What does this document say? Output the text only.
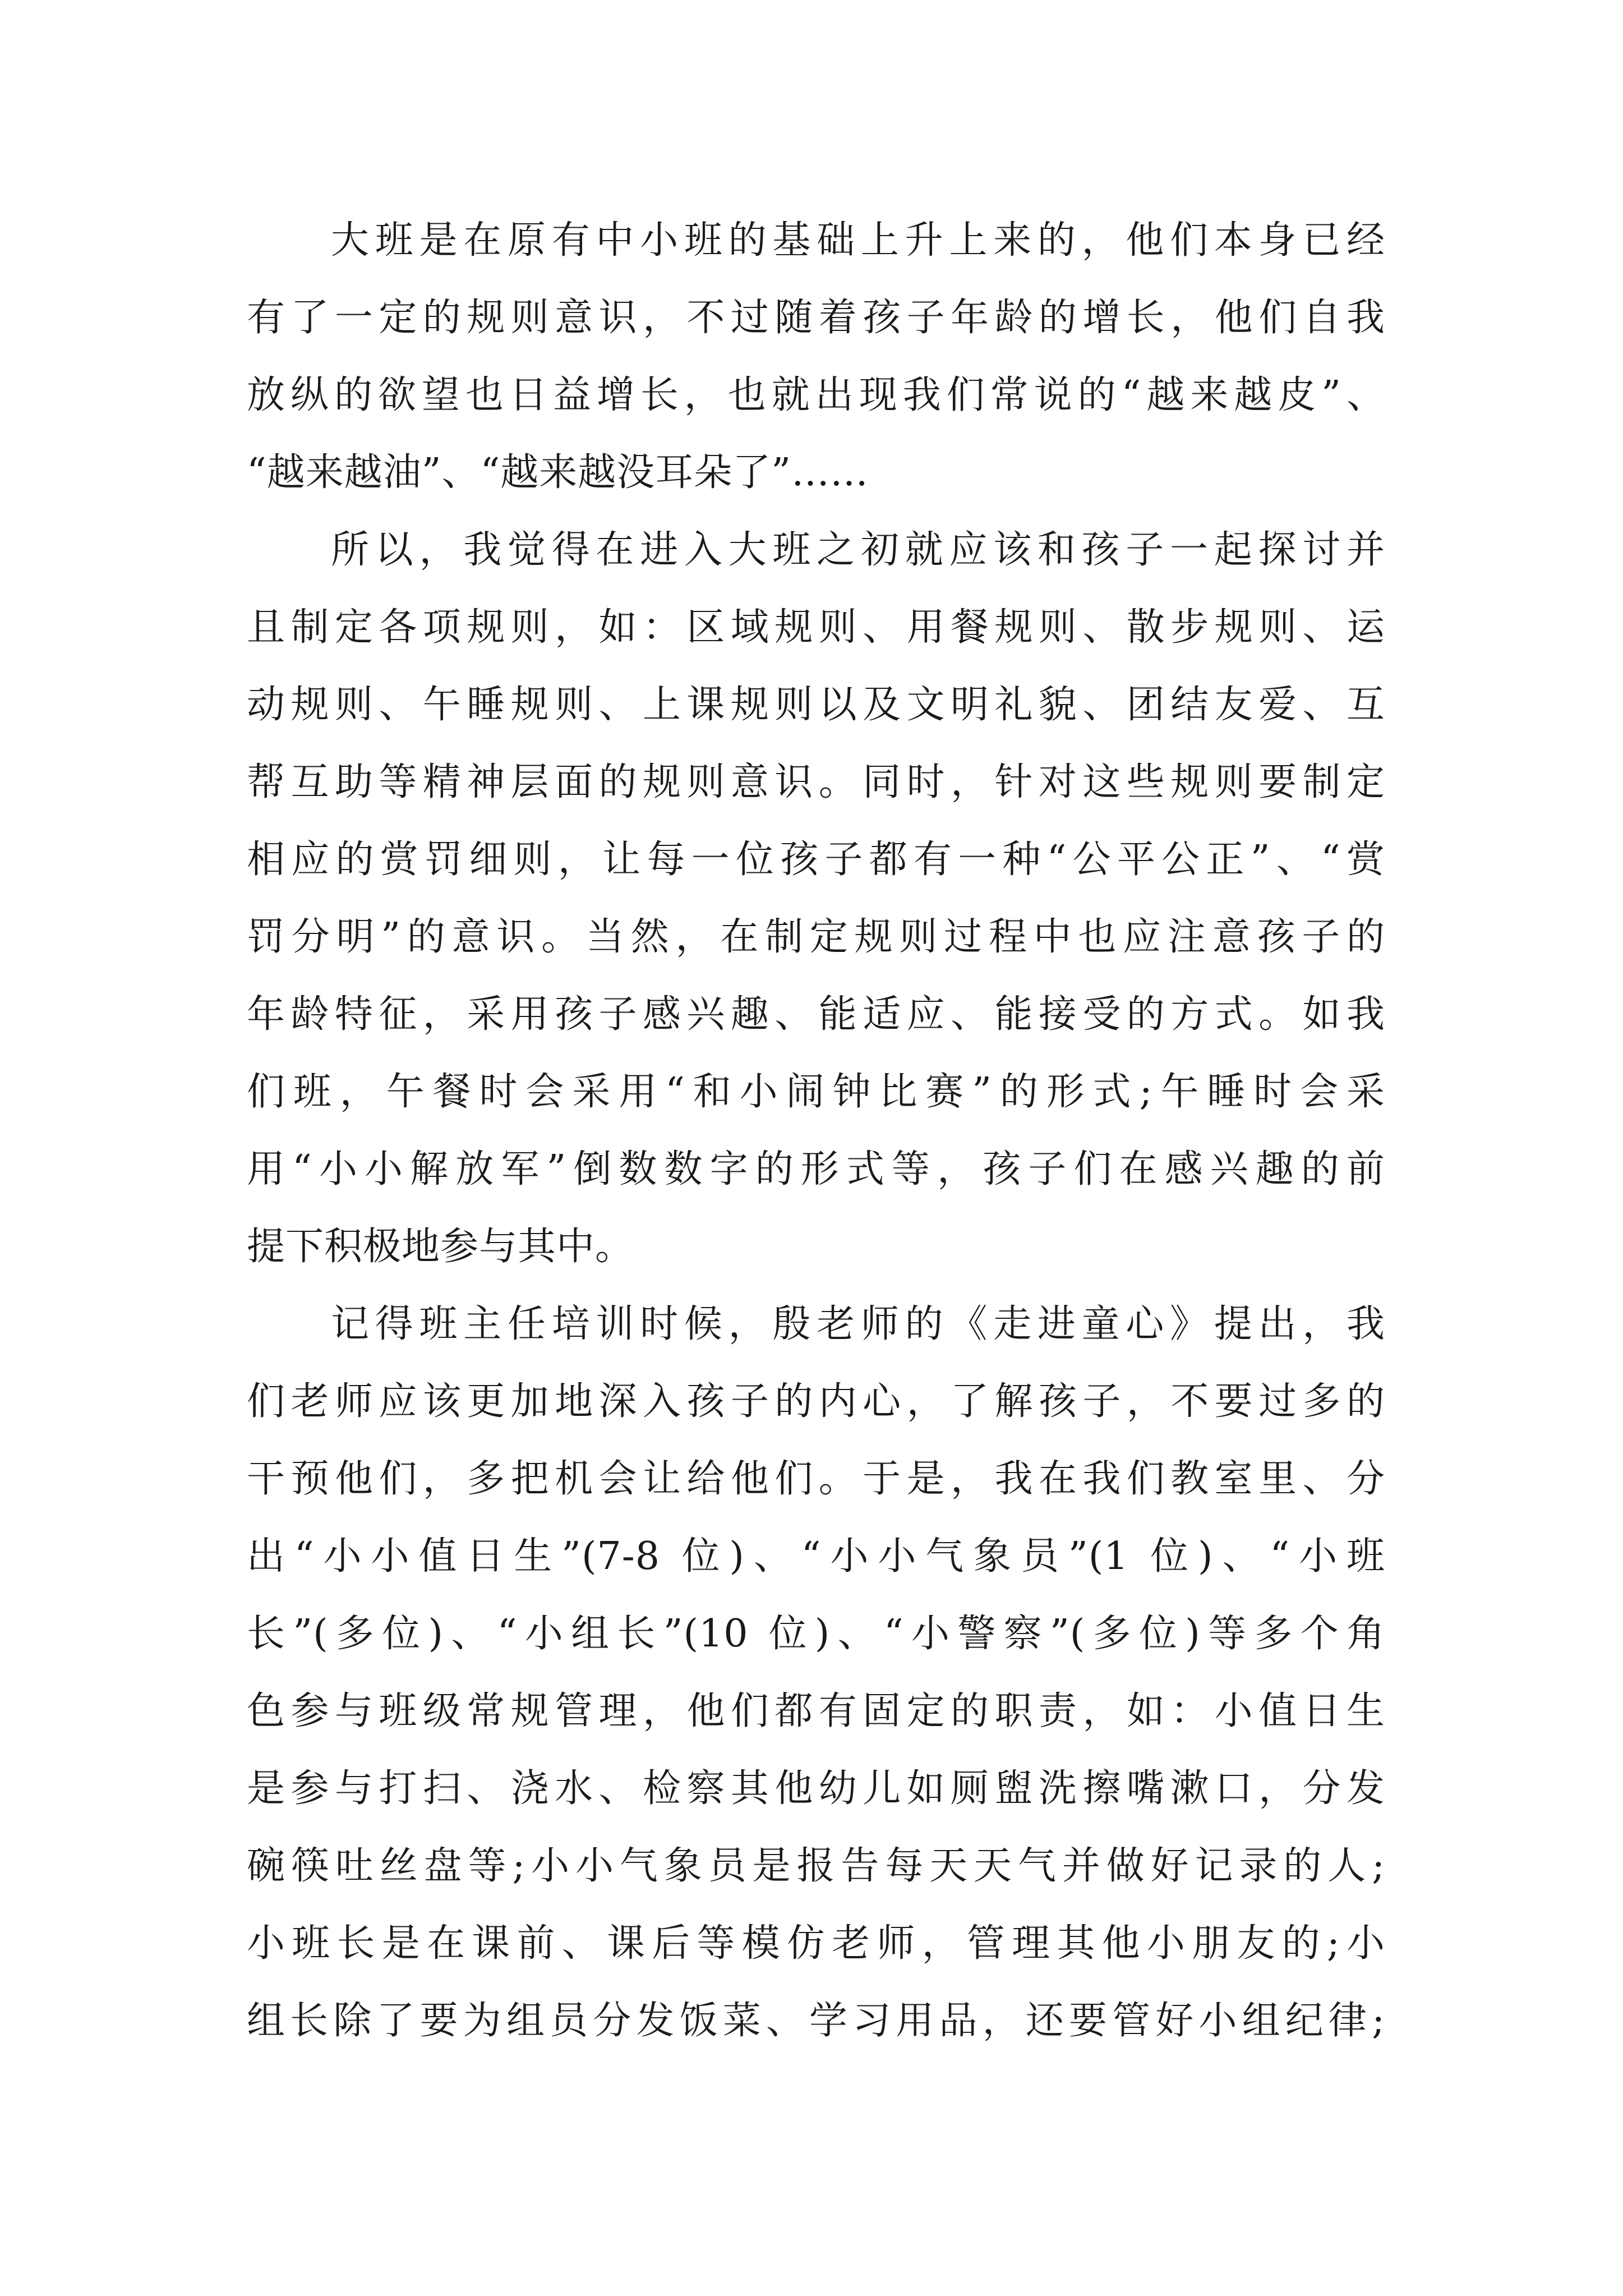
大班是在原有中小班的基础上升上来的，他们本身已经
有了一定的规则意识，不过随着孩子年龄的增长，他们自我
放纵的欲望也日益增长，也就出现我们常说的“越来越皮”、
“越来越油”、“越来越没耳朵了”……
所以，我觉得在进入大班之初就应该和孩子一起探讨并
且制定各项规则，如：区域规则、用餐规则、散步规则、运
动规则、午睡规则、上课规则以及文明礼貌、团结友爱、互
帮互助等精神层面的规则意识。同时，针对这些规则要制定
相应的赏罚细则，让每一位孩子都有一种“公平公正”、“赏
罚分明”的意识。当然，在制定规则过程中也应注意孩子的
年龄特征，采用孩子感兴趣、能适应、能接受的方式。如我
们班，午餐时会采用“和小闹钟比赛”的形式;午睡时会采
用“小小解放军”倒数数字的形式等，孩子们在感兴趣的前
提下积极地参与其中。
记得班主任培训时候，殷老师的《走进童心》提出，我
们老师应该更加地深入孩子的内心，了解孩子，不要过多的
干预他们，多把机会让给他们。于是，我在我们教室里、分
出“小小值日生”(7-8 位)、“小小气象员”(1 位)、“小班
长”(多位)、“小组长”(10 位)、“小警察”(多位)等多个角
色参与班级常规管理，他们都有固定的职责，如：小值日生
是参与打扫、浇水、检察其他幼儿如厕盥洗擦嘴漱口，分发
碗筷吐丝盘等;小小气象员是报告每天天气并做好记录的人;
小班长是在课前、课后等模仿老师，管理其他小朋友的;小
组长除了要为组员分发饭菜、学习用品，还要管好小组纪律;
